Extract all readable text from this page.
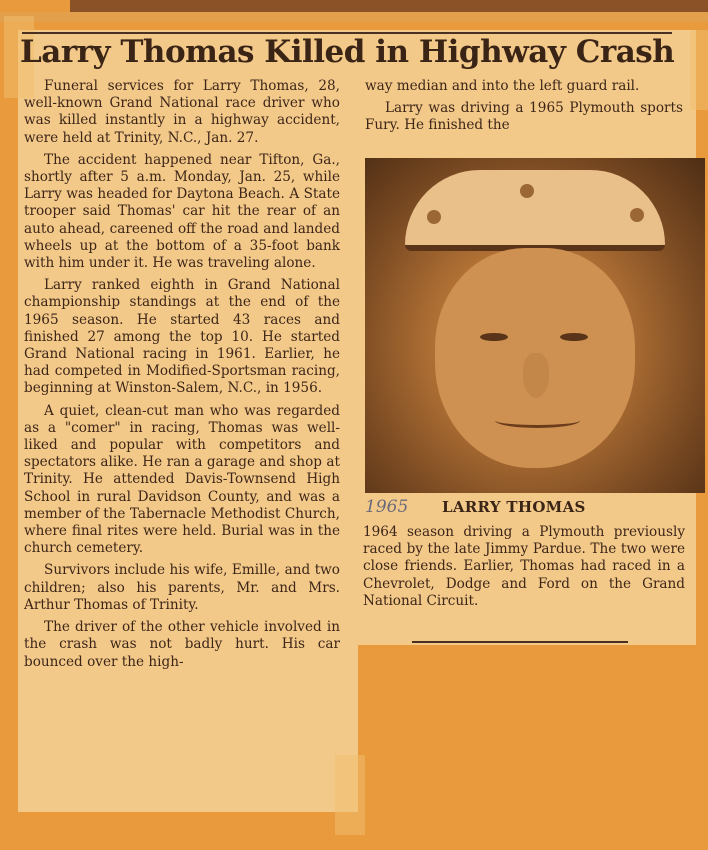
Larry Thomas Killed in Highway Crash

Funeral services for Larry Thomas, 28, well-known Grand National race driver who was killed instantly in a highway accident, were held at Trinity, N.C., Jan. 27.

The accident happened near Tifton, Ga., shortly after 5 a.m. Monday, Jan. 25, while Larry was headed for Daytona Beach. A State trooper said Thomas' car hit the rear of an auto ahead, careened off the road and landed wheels up at the bottom of a 35-foot bank with him under it. He was traveling alone.

Larry ranked eighth in Grand National championship standings at the end of the 1965 season. He started 43 races and finished 27 among the top 10. He started Grand National racing in 1961. Earlier, he had competed in Modified-Sportsman racing, beginning at Winston-Salem, N.C., in 1956.

A quiet, clean-cut man who was regarded as a "comer" in racing, Thomas was well-liked and popular with competitors and spectators alike. He ran a garage and shop at Trinity. He attended Davis-Townsend High School in rural Davidson County, and was a member of the Tabernacle Methodist Church, where final rites were held. Burial was in the church cemetery.

Survivors include his wife, Emille, and two children; also his parents, Mr. and Mrs. Arthur Thomas of Trinity.

The driver of the other vehicle involved in the crash was not badly hurt. His car bounced over the high-

way median and into the left guard rail.

Larry was driving a 1965 Plymouth sports Fury. He finished the

1965 LARRY THOMAS

1964 season driving a Plymouth previously raced by the late Jimmy Pardue. The two were close friends. Earlier, Thomas had raced in a Chevrolet, Dodge and Ford on the Grand National Circuit.
